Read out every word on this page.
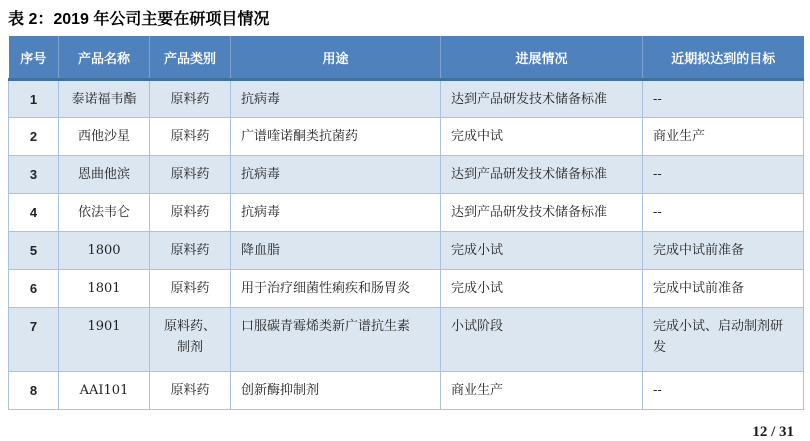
表 2：2019 年公司主要在研项目情况
序号	产品名称	产品类别	用途	进展情况	近期拟达到的目标
1	泰诺福韦酯	原料药	抗病毒	达到产品研发技术储备标准	--
2	西他沙星	原料药	广谱喹诺酮类抗菌药	完成中试	商业生产
3	恩曲他滨	原料药	抗病毒	达到产品研发技术储备标准	--
4	依法韦仑	原料药	抗病毒	达到产品研发技术储备标准	--
5	1800	原料药	降血脂	完成小试	完成中试前准备
6	1801	原料药	用于治疗细菌性痢疾和肠胃炎	完成小试	完成中试前准备
7	1901	原料药、制剂	口服碳青霉烯类新广谱抗生素	小试阶段	完成小试、启动制剂研发
8	AAI101	原料药	创新酶抑制剂	商业生产	--
12 / 31
